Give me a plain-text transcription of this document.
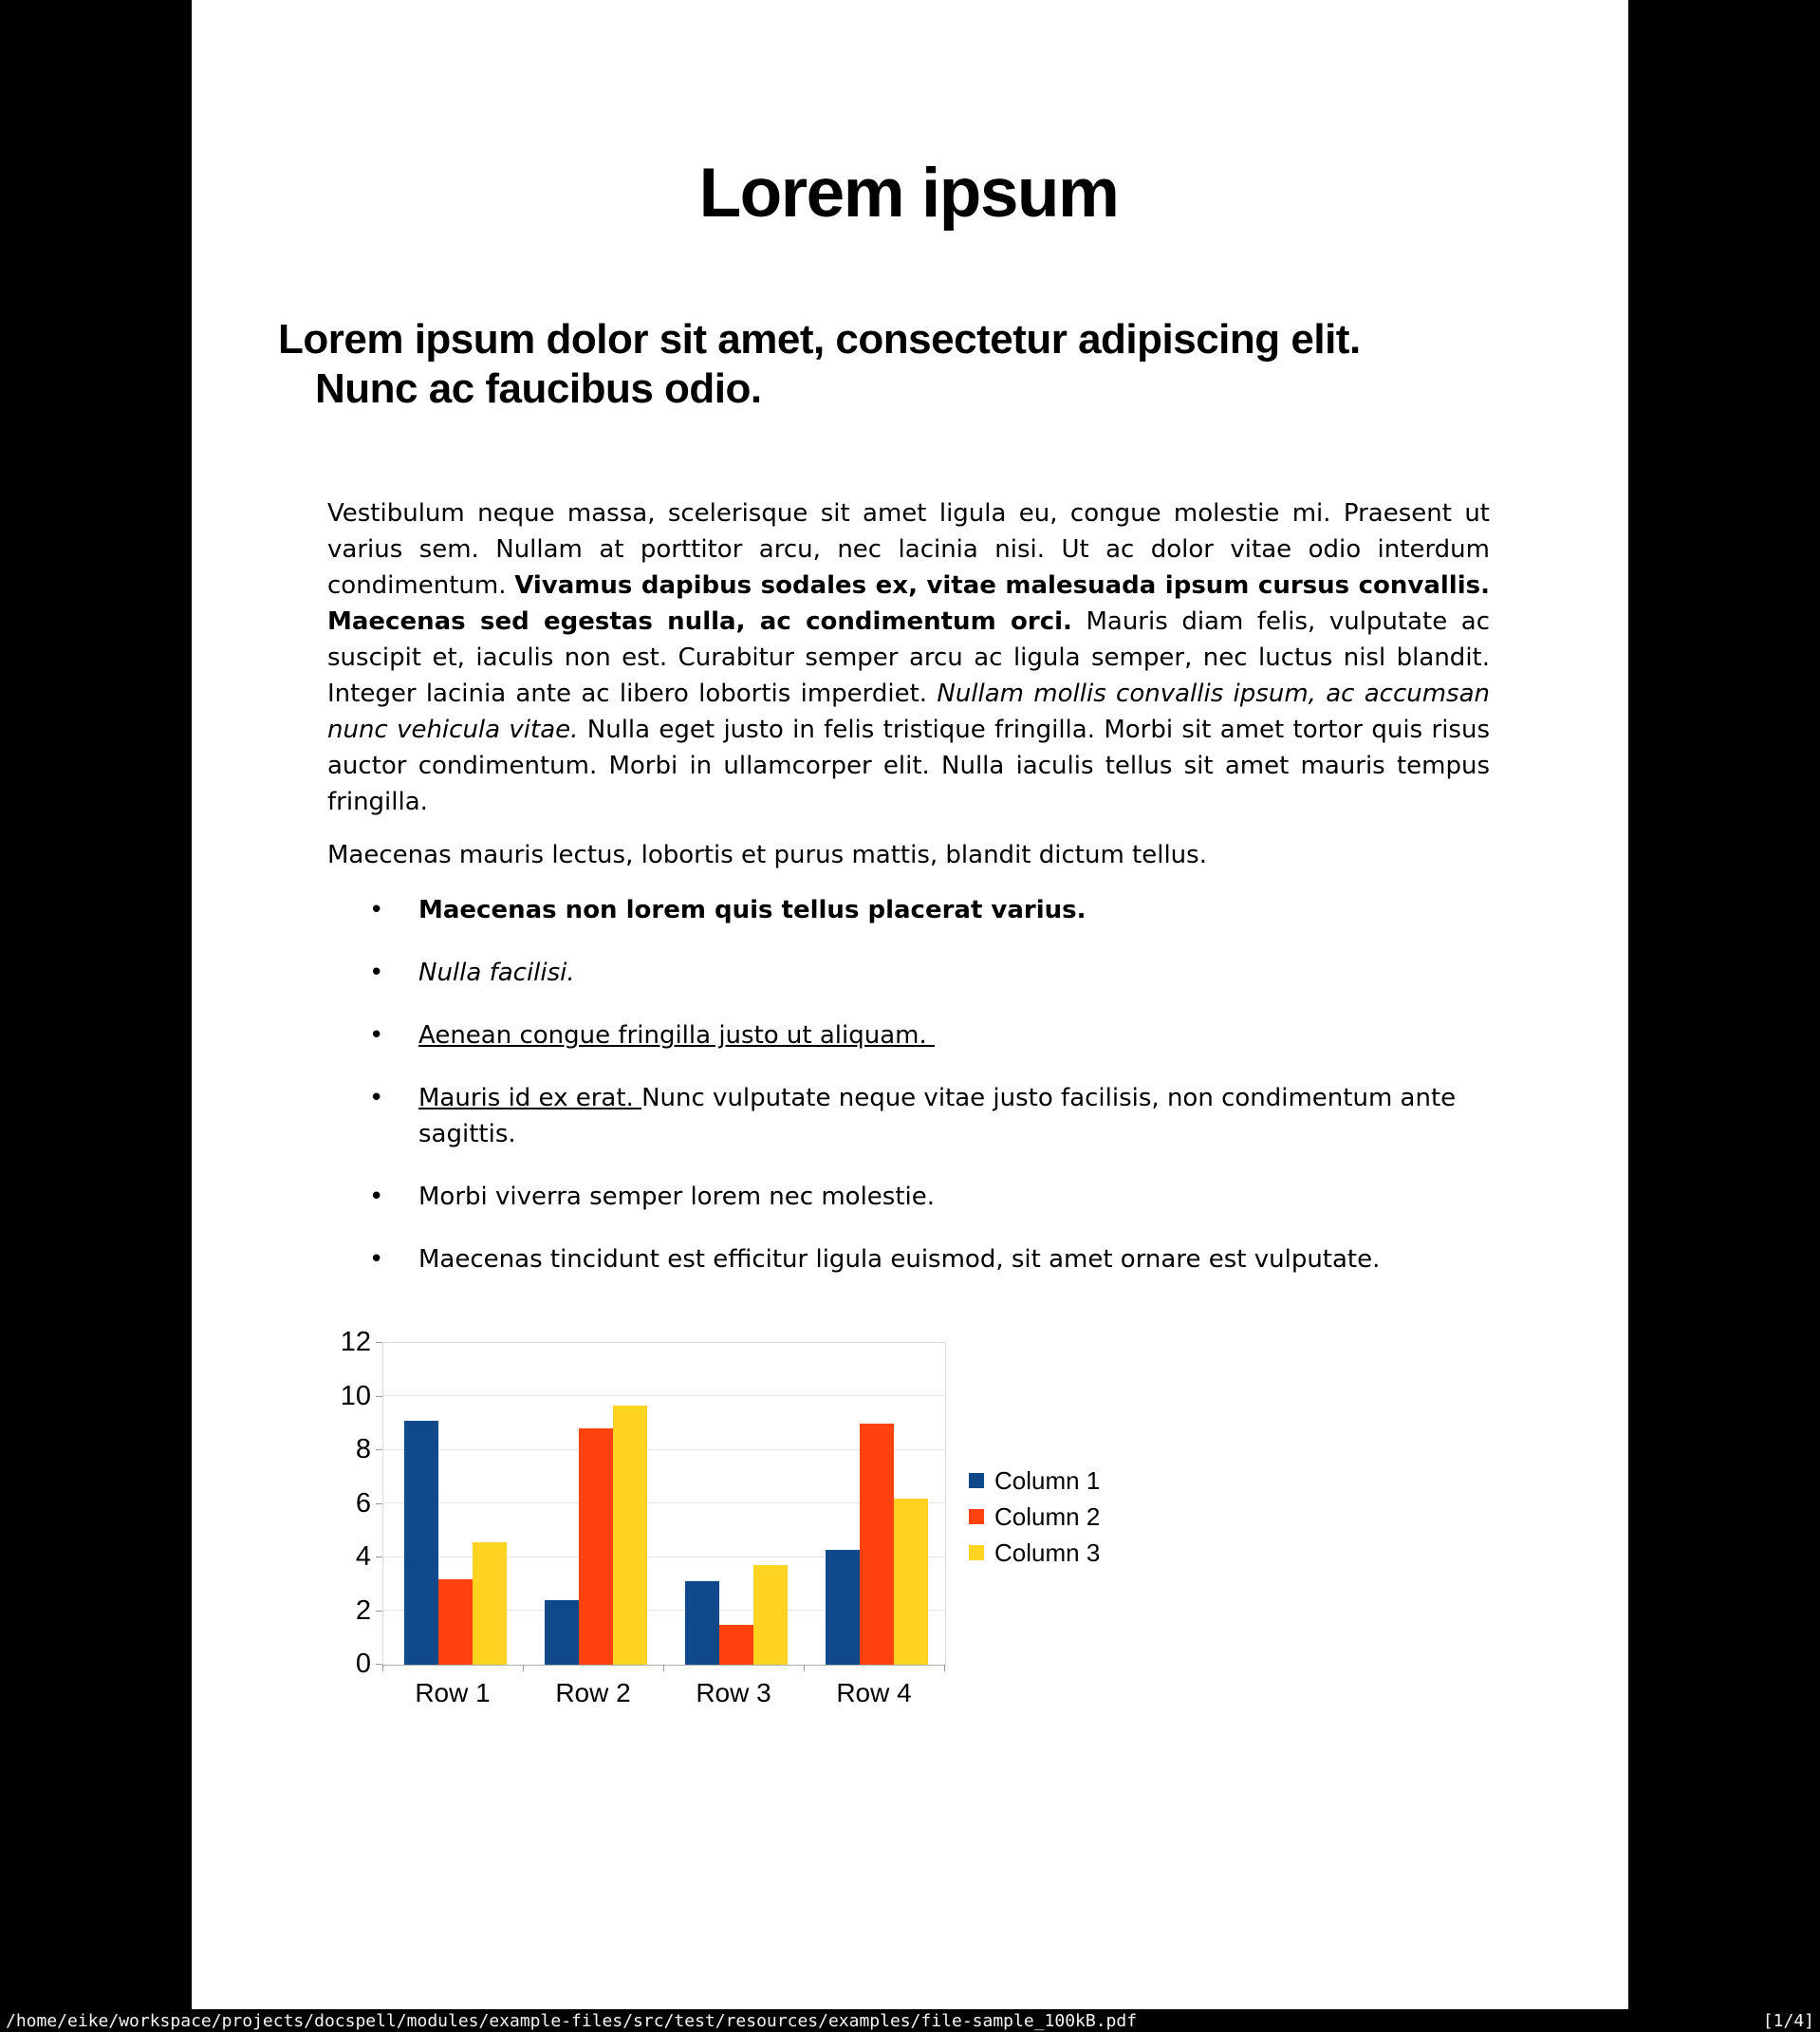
Lorem ipsum
Lorem ipsum dolor sit amet, consectetur adipiscing elit.
Nunc ac faucibus odio.

Vestibulum neque massa, scelerisque sit amet ligula eu, congue molestie mi. Praesent ut varius sem. Nullam at porttitor arcu, nec lacinia nisi. Ut ac dolor vitae odio interdum condimentum. Vivamus dapibus sodales ex, vitae malesuada ipsum cursus convallis. Maecenas sed egestas nulla, ac condimentum orci. Mauris diam felis, vulputate ac suscipit et, iaculis non est. Curabitur semper arcu ac ligula semper, nec luctus nisl blandit. Integer lacinia ante ac libero lobortis imperdiet. Nullam mollis convallis ipsum, ac accumsan nunc vehicula vitae. Nulla eget justo in felis tristique fringilla. Morbi sit amet tortor quis risus auctor condimentum. Morbi in ullamcorper elit. Nulla iaculis tellus sit amet mauris tempus fringilla.

Maecenas mauris lectus, lobortis et purus mattis, blandit dictum tellus.

• Maecenas non lorem quis tellus placerat varius.
• Nulla facilisi.
• Aenean congue fringilla justo ut aliquam.
• Mauris id ex erat. Nunc vulputate neque vitae justo facilisis, non condimentum ante sagittis.
• Morbi viverra semper lorem nec molestie.
• Maecenas tincidunt est efficitur ligula euismod, sit amet ornare est vulputate.
Column 1
Column 2
Column 3
0
2
4
6
8
10
12
Row 1	Row 2	Row 3	Row 4
/home/eike/workspace/projects/docspell/modules/example-files/src/test/resources/examples/file-sample_100kB.pdf	[1/4]
